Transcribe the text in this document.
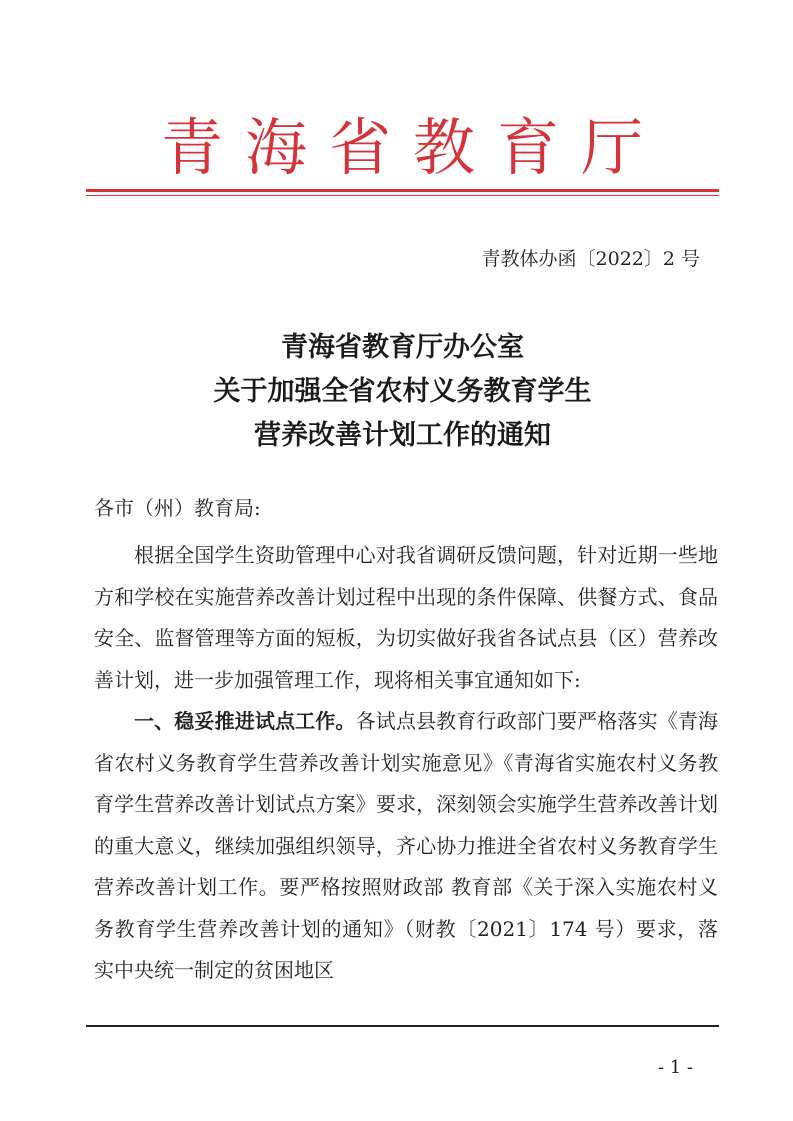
青海省教育厅
青教体办函〔2022〕2 号
青海省教育厅办公室
关于加强全省农村义务教育学生
营养改善计划工作的通知
各市（州）教育局:

根据全国学生资助管理中心对我省调研反馈问题，针对近期一些地方和学校在实施营养改善计划过程中出现的条件保障、供餐方式、食品安全、监督管理等方面的短板，为切实做好我省各试点县（区）营养改善计划，进一步加强管理工作，现将相关事宜通知如下:

一、稳妥推进试点工作。各试点县教育行政部门要严格落实《青海省农村义务教育学生营养改善计划实施意见》《青海省实施农村义务教育学生营养改善计划试点方案》要求，深刻领会实施学生营养改善计划的重大意义，继续加强组织领导，齐心协力推进全省农村义务教育学生营养改善计划工作。要严格按照财政部 教育部《关于深入实施农村义务教育学生营养改善计划的通知》（财教〔2021〕174 号）要求，落实中央统一制定的贫困地区

- 1 -
